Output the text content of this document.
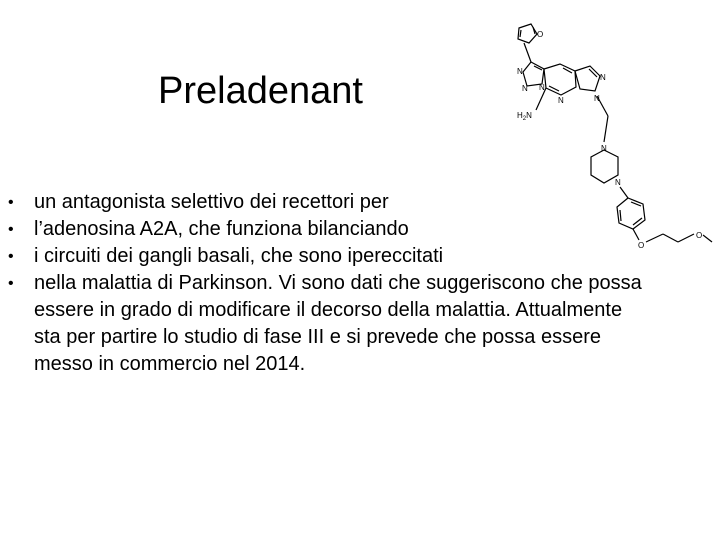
Preladenant
• un antagonista selettivo dei recettori per
• l’adenosina A2A, che funziona bilanciando
• i circuiti dei gangli basali, che sono ipereccitati
• nella malattia di Parkinson. Vi sono dati che suggeriscono che possa essere in grado di modificare il decorso della malattia. Attualmente sta per partire lo studio di fase III e si prevede che possa essere messo in commercio nel 2014.
O
N
N N
N
N
N
$H_2N$
N
N
O
O
